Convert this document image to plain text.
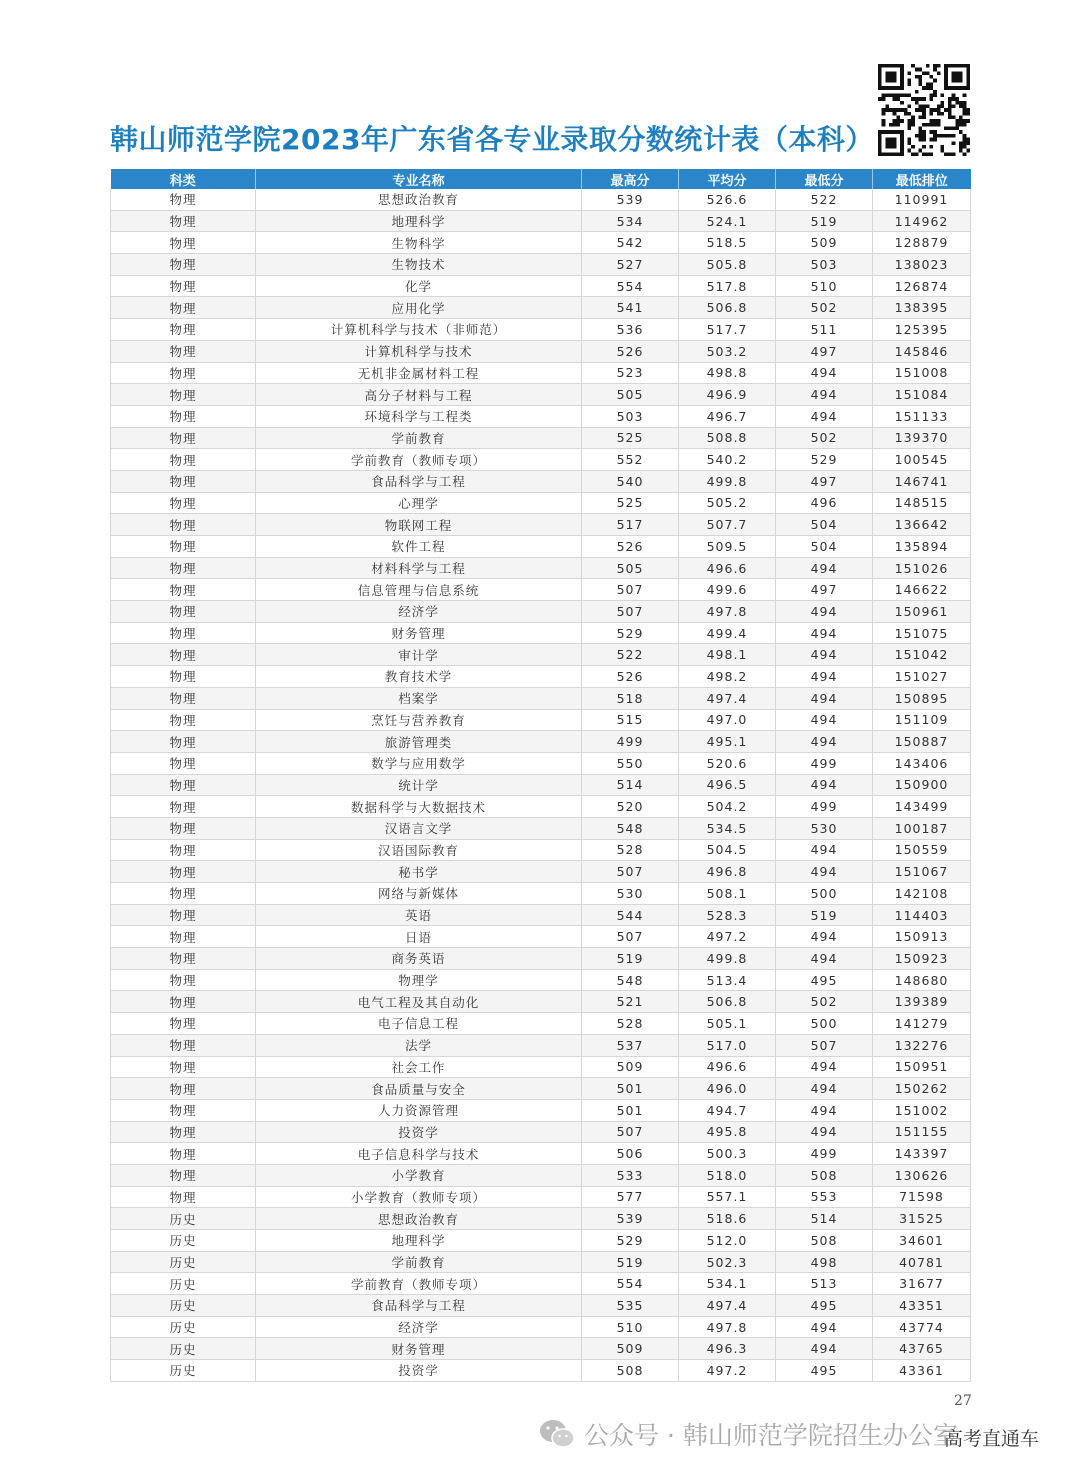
韩山师范学院2023年广东省各专业录取分数统计表（本科）
科类	专业名称	最高分	平均分	最低分	最低排位
物理	思想政治教育	539	526.6	522	110991
物理	地理科学	534	524.1	519	114962
物理	生物科学	542	518.5	509	128879
物理	生物技术	527	505.8	503	138023
物理	化学	554	517.8	510	126874
物理	应用化学	541	506.8	502	138395
物理	计算机科学与技术（非师范）	536	517.7	511	125395
物理	计算机科学与技术	526	503.2	497	145846
物理	无机非金属材料工程	523	498.8	494	151008
物理	高分子材料与工程	505	496.9	494	151084
物理	环境科学与工程类	503	496.7	494	151133
物理	学前教育	525	508.8	502	139370
物理	学前教育（教师专项）	552	540.2	529	100545
物理	食品科学与工程	540	499.8	497	146741
物理	心理学	525	505.2	496	148515
物理	物联网工程	517	507.7	504	136642
物理	软件工程	526	509.5	504	135894
物理	材料科学与工程	505	496.6	494	151026
物理	信息管理与信息系统	507	499.6	497	146622
物理	经济学	507	497.8	494	150961
物理	财务管理	529	499.4	494	151075
物理	审计学	522	498.1	494	151042
物理	教育技术学	526	498.2	494	151027
物理	档案学	518	497.4	494	150895
物理	烹饪与营养教育	515	497.0	494	151109
物理	旅游管理类	499	495.1	494	150887
物理	数学与应用数学	550	520.6	499	143406
物理	统计学	514	496.5	494	150900
物理	数据科学与大数据技术	520	504.2	499	143499
物理	汉语言文学	548	534.5	530	100187
物理	汉语国际教育	528	504.5	494	150559
物理	秘书学	507	496.8	494	151067
物理	网络与新媒体	530	508.1	500	142108
物理	英语	544	528.3	519	114403
物理	日语	507	497.2	494	150913
物理	商务英语	519	499.8	494	150923
物理	物理学	548	513.4	495	148680
物理	电气工程及其自动化	521	506.8	502	139389
物理	电子信息工程	528	505.1	500	141279
物理	法学	537	517.0	507	132276
物理	社会工作	509	496.6	494	150951
物理	食品质量与安全	501	496.0	494	150262
物理	人力资源管理	501	494.7	494	151002
物理	投资学	507	495.8	494	151155
物理	电子信息科学与技术	506	500.3	499	143397
物理	小学教育	533	518.0	508	130626
物理	小学教育（教师专项）	577	557.1	553	71598
历史	思想政治教育	539	518.6	514	31525
历史	地理科学	529	512.0	508	34601
历史	学前教育	519	502.3	498	40781
历史	学前教育（教师专项）	554	534.1	513	31677
历史	食品科学与工程	535	497.4	495	43351
历史	经济学	510	497.8	494	43774
历史	财务管理	509	496.3	494	43765
历史	投资学	508	497.2	495	43361
27
公众号 · 韩山师范学院招生办公室
高考直通车
